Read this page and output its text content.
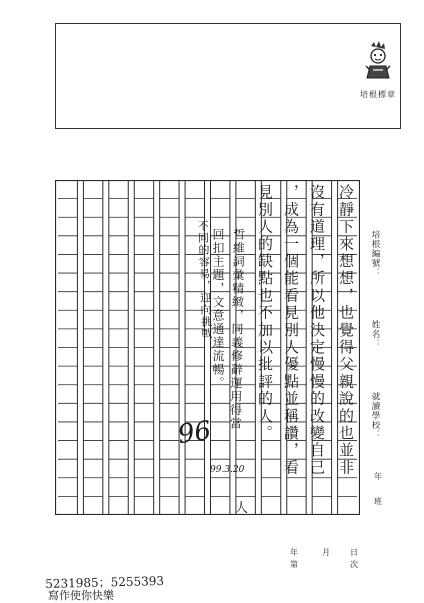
培根標章
冷靜下來想想，也覺得父親說的也並非
沒有道理，所以他決定慢慢的改變自己
，成為一個能看見別人優點並稱讚，看
見別人的缺點也不加以批評的人。
哲維詞彙精緻，同義修辭運用得當
回扣主題，文意通達流暢。
不同的容易，迎向挑戰
96
99.3.20
人
培根編號：
姓名：
就讀學校：
年
班
年	月	日
第	次
5231985；5255393
寫作使你快樂
